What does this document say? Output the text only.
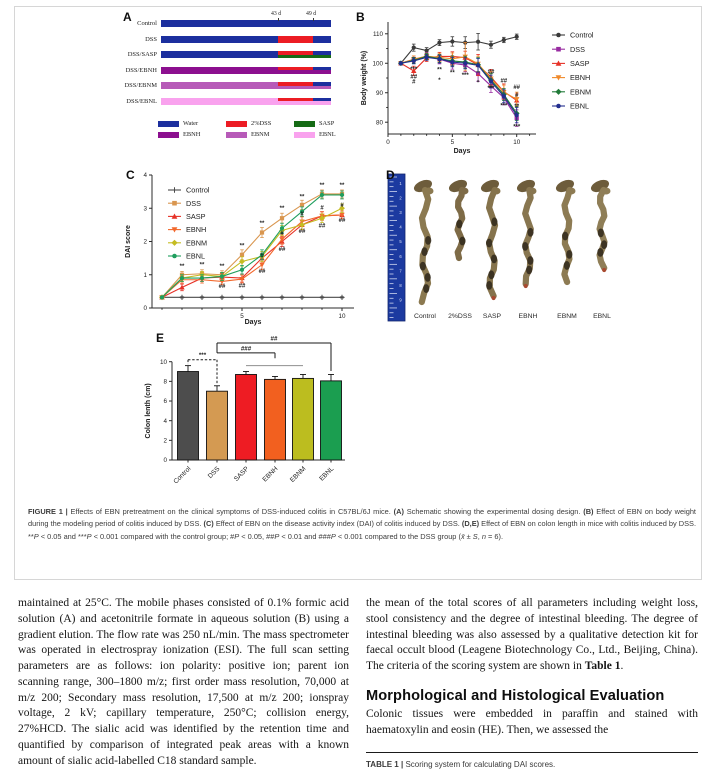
A	B
C	D
E
Control
43 d	49 d
DSS
DSS/SASP
DSS/EBNH
DSS/EBNM
DSS/EBNL
Water	2%DSS	SASP
EBNH	EBNM	EBNL
0	5	10
80
90
100
110
Days
Body weight (%)	***
##
#
**
*
** ***
*
##
***
##
***
##
#
**
***
Control
DSS
SASP
EBNH
EBNM
EBNL
5	10
0
1
2
3
4
Days
DAI score
**	**	**
**
**
**
**
**	**
## ##
##
#
##
# ##
#
##
#
##
#
Control
DSS
SASP
EBNH
EBNM
EBNL
1
2
3
4
5
6
7
8
9
Control 2%DSS SASP	EBNH	EBNM EBNL
0
2
4
6
8
10
Colon lenth (cm)
Control DSS SASP EBNH EBNM EBNL
***
###
##

FIGURE 1 | Effects of EBN pretreatment on the clinical symptoms of DSS-induced colitis in C57BL/6J mice. (A) Schematic showing the experimental dosing design. (B) Effect of EBN on body weight during the modeling period of colitis induced by DSS. (C) Effect of EBN on the disease activity index (DAI) of colitis induced by DSS. (D,E) Effect of EBN on colon length in mice with colitis induced by DSS. **P < 0.05 and ***P < 0.001 compared with the control group; #P < 0.05, ##P < 0.01 and ###P < 0.001 compared to the DSS group (x̄ ± S, n = 6).

maintained at 25°C. The mobile phases consisted of 0.1% formic acid solution (A) and acetonitrile formate in aqueous solution (B) using a gradient elution. The flow rate was 250 nL/min. The mass spectrometer was operated in electrospray ionization (ESI). The full scan setting parameters are as follows: ion polarity: positive ion; parent ion scanning range, 300–1800 m/z; first order mass resolution, 70,000 at m/z 200; Secondary mass resolution, 17,500 at m/z 200; ionspray voltage, 2 kV; capillary temperature, 250°C; collision energy, 27%HCD. The sialic acid was identified by the retention time and quantified by comparison of integrated peak areas with a known amount of sialic acid-labelled C18 standard sample.

the mean of the total scores of all parameters including weight loss, stool consistency and the degree of intestinal bleeding. The degree of intestinal bleeding was also assessed by a qualitative detection kit for faecal occult blood (Leagene Biotechnology Co., Ltd., Beijing, China). The criteria of the scoring system are shown in Table 1.

Morphological and Histological Evaluation

Colonic tissues were embedded in paraffin and stained with haematoxylin and eosin (HE). Then, we assessed the

TABLE 1 | Scoring system for calculating DAI scores.
